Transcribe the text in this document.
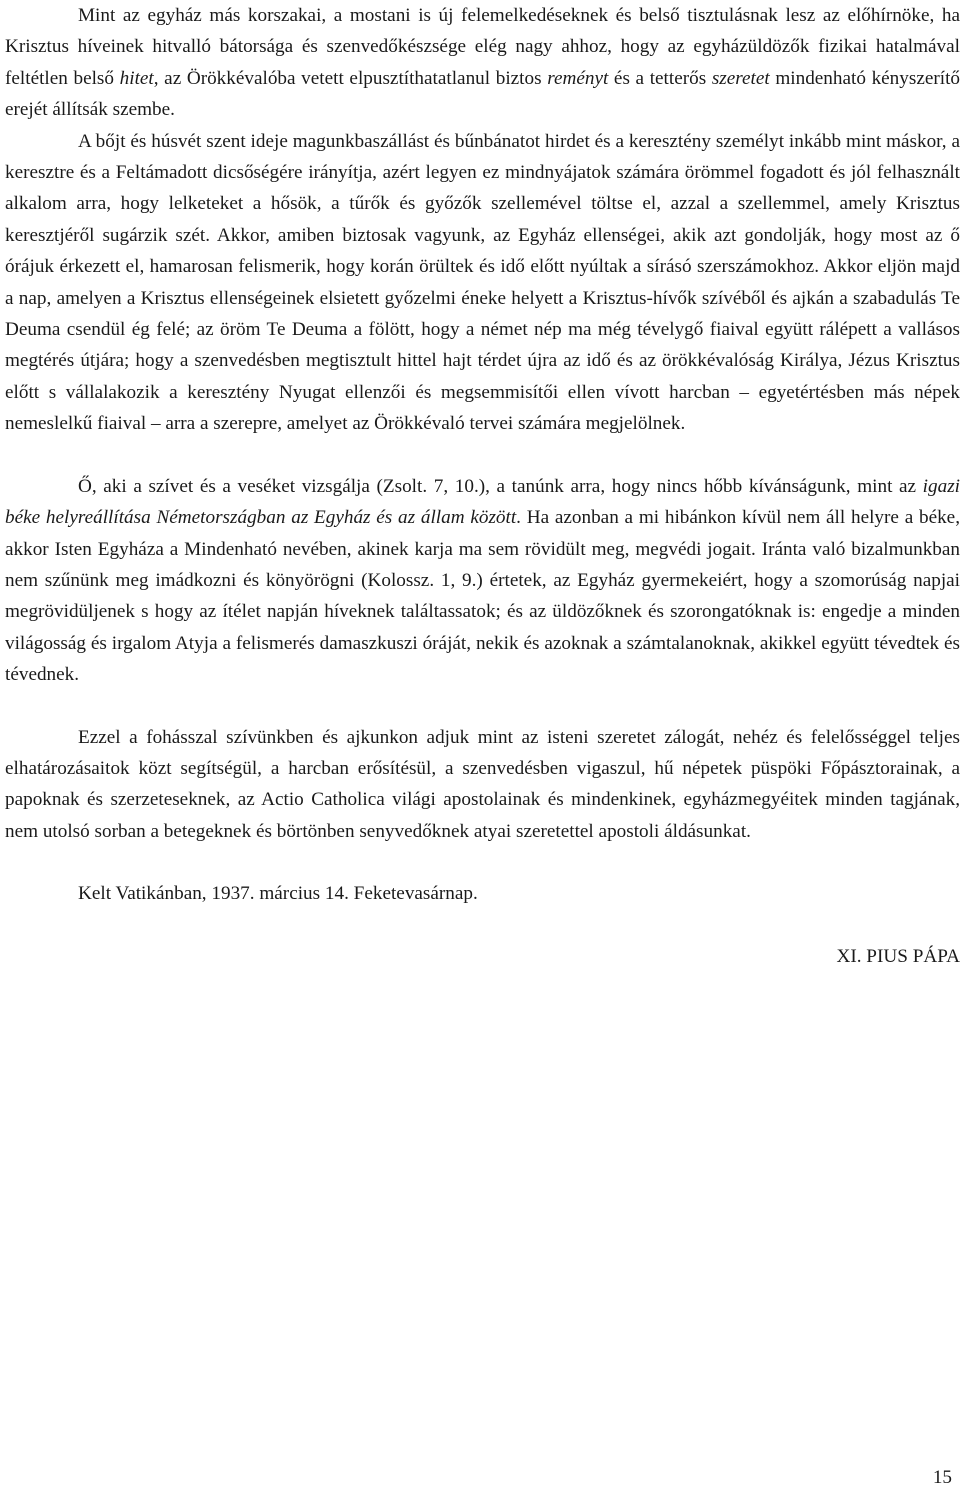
Mint az egyház más korszakai, a mostani is új felemelkedéseknek és belső tisztulásnak lesz az előhírnöke, ha Krisztus híveinek hitvalló bátorsága és szenvedőkészsége elég nagy ahhoz, hogy az egyházüldözők fizikai hatalmával feltétlen belső hitet, az Örökkévalóba vetett elpusztíthatatlanul biztos reményt és a tetterős szeretet mindenható kényszerítő erejét állítsák szembe.

A bőjt és húsvét szent ideje magunkbaszállást és bűnbánatot hirdet és a keresztény személyt inkább mint máskor, a keresztre és a Feltámadott dicsőségére irányítja, azért legyen ez mindnyájatok számára örömmel fogadott és jól felhasznált alkalom arra, hogy lelketeket a hősök, a tűrők és győzők szellemével töltse el, azzal a szellemmel, amely Krisztus keresztjéről sugárzik szét. Akkor, amiben biztosak vagyunk, az Egyház ellenségei, akik azt gondolják, hogy most az ő órájuk érkezett el, hamarosan felismerik, hogy korán örültek és idő előtt nyúltak a sírásó szerszámokhoz. Akkor eljön majd a nap, amelyen a Krisztus ellenségeinek elsietett győzelmi éneke helyett a Krisztus-hívők szívéből és ajkán a szabadulás Te Deuma csendül ég felé; az öröm Te Deuma a fölött, hogy a német nép ma még tévelygő fiaival együtt rálépett a vallásos megtérés útjára; hogy a szenvedésben megtisztult hittel hajt térdet újra az idő és az örökkévalóság Királya, Jézus Krisztus előtt s vállalakozik a keresztény Nyugat ellenzői és megsemmisítői ellen vívott harcban – egyetértésben más népek nemeslelkű fiaival – arra a szerepre, amelyet az Örökkévaló tervei számára megjelölnek.

Ő, aki a szívet és a veséket vizsgálja (Zsolt. 7, 10.), a tanúnk arra, hogy nincs hőbb kívánságunk, mint az igazi béke helyreállítása Németországban az Egyház és az állam között. Ha azonban a mi hibánkon kívül nem áll helyre a béke, akkor Isten Egyháza a Mindenható nevében, akinek karja ma sem rövidült meg, megvédi jogait. Iránta való bizalmunkban nem szűnünk meg imádkozni és könyörögni (Kolossz. 1, 9.) értetek, az Egyház gyermekeiért, hogy a szomorúság napjai megrövidüljenek s hogy az ítélet napján híveknek találtassatok; és az üldözőknek és szorongatóknak is: engedje a minden világosság és irgalom Atyja a felismerés damaszkuszi óráját, nekik és azoknak a számtalanoknak, akikkel együtt tévedtek és tévednek.

Ezzel a fohásszal szívünkben és ajkunkon adjuk mint az isteni szeretet zálogát, nehéz és felelősséggel teljes elhatározásaitok közt segítségül, a harcban erősítésül, a szenvedésben vigaszul, hű népetek püspöki Főpásztorainak, a papoknak és szerzeteseknek, az Actio Catholica világi apostolainak és mindenkinek, egyházmegyéitek minden tagjának, nem utolsó sorban a betegeknek és börtönben senyvedőknek atyai szeretettel apostoli áldásunkat.

Kelt Vatikánban, 1937. március 14. Feketevasárnap.

XI. PIUS PÁPA

15
